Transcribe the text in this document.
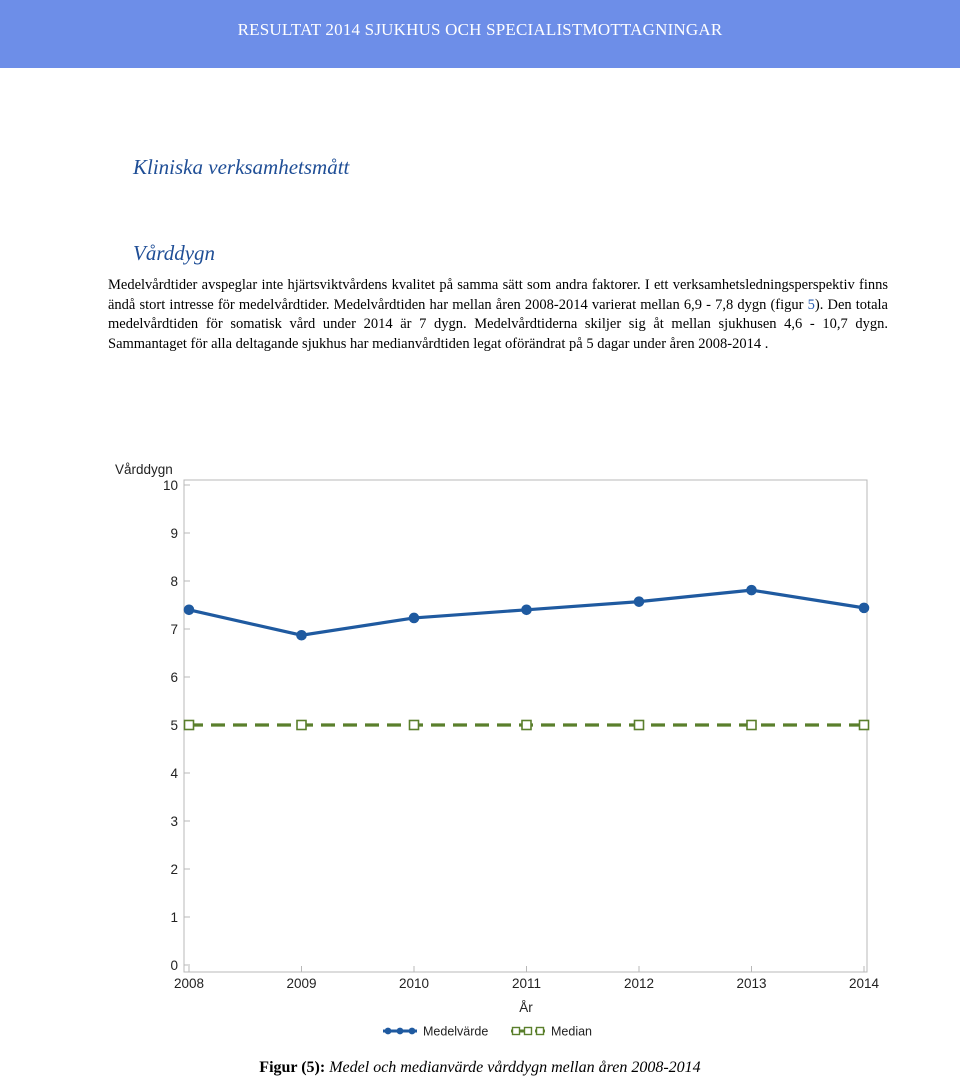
RESULTAT 2014 SJUKHUS OCH SPECIALISTMOTTAGNINGAR
Kliniska verksamhetsmått
Vårddygn
Medelvårdtider avspeglar inte hjärtsviktvårdens kvalitet på samma sätt som andra faktorer. I ett verksamhetsledningsperspektiv finns ändå stort intresse för medelvårdtider. Medelvårdtiden har mellan åren 2008-2014 varierat mellan 6,9 - 7,8 dygn (figur 5). Den totala medelvårdtiden för somatisk vård under 2014 är 7 dygn. Medelvårdtiderna skiljer sig åt mellan sjukhusen 4,6 - 10,7 dygn. Sammantaget för alla deltagande sjukhus har medianvårdtiden legat oförändrat på 5 dagar under åren 2008-2014 .
Vårddygn
0
1
2
3
4
5
6
7
8
9
10
2008	2009	2010	2011	2012	2013	2014
År
Medelvärde	Median
Figur (5): Medel och medianvärde vårddygn mellan åren 2008-2014
